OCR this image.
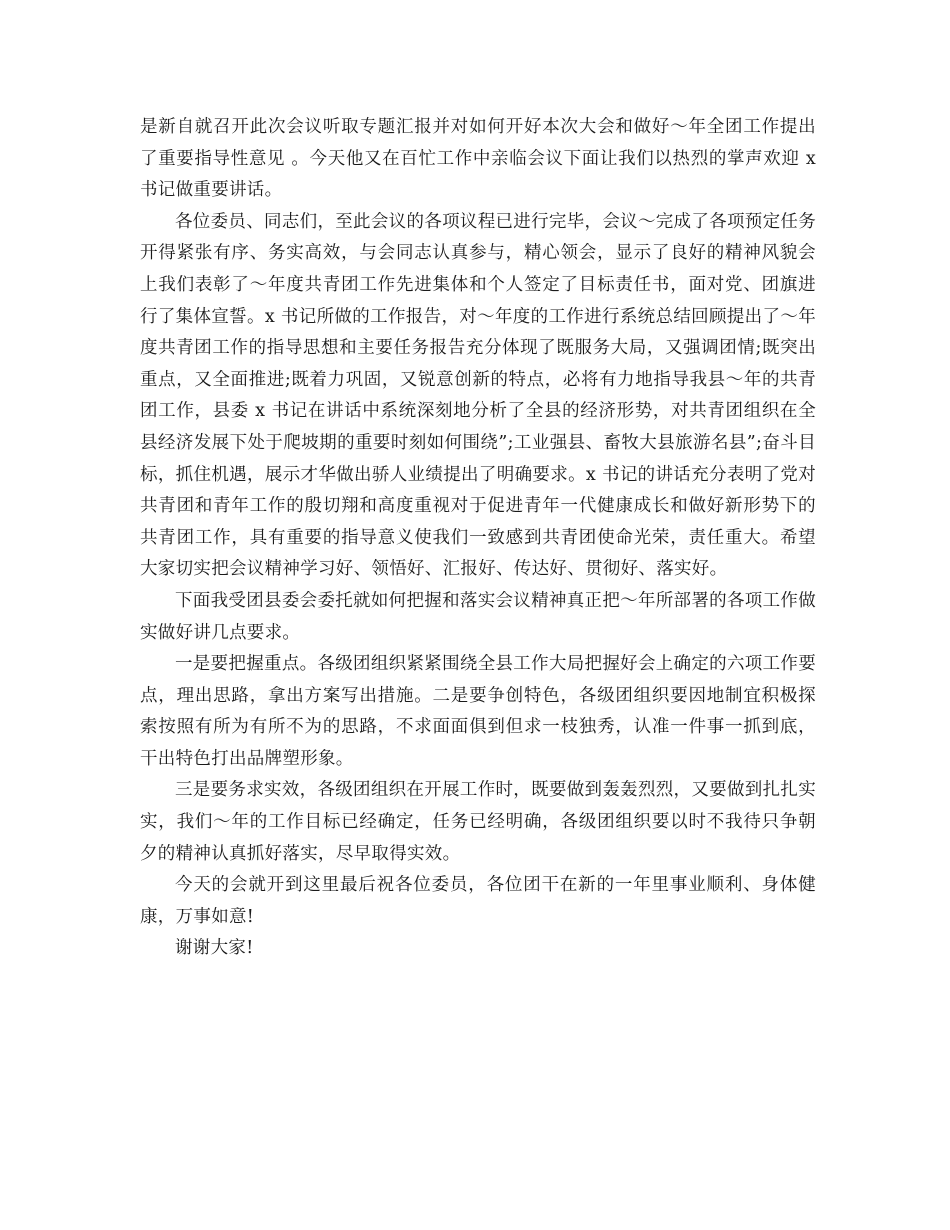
是新自就召开此次会议听取专题汇报并对如何开好本次大会和做好～年全团工作提出了重要指导性意见 。今天他又在百忙工作中亲临会议下面让我们以热烈的掌声欢迎 x 书记做重要讲话。

各位委员、同志们，至此会议的各项议程已进行完毕，会议～完成了各项预定任务开得紧张有序、务实高效，与会同志认真参与，精心领会，显示了良好的精神风貌会上我们表彰了～年度共青团工作先进集体和个人签定了目标责任书，面对党、团旗进行了集体宣誓。x 书记所做的工作报告，对～年度的工作进行系统总结回顾提出了～年度共青团工作的指导思想和主要任务报告充分体现了既服务大局，又强调团情;既突出重点，又全面推进;既着力巩固，又锐意创新的特点，必将有力地指导我县～年的共青团工作，县委 x 书记在讲话中系统深刻地分析了全县的经济形势，对共青团组织在全县经济发展下处于爬坡期的重要时刻如何围绕”;工业强县、畜牧大县旅游名县”;奋斗目标，抓住机遇，展示才华做出骄人业绩提出了明确要求。x 书记的讲话充分表明了党对共青团和青年工作的殷切翔和高度重视对于促进青年一代健康成长和做好新形势下的共青团工作，具有重要的指导意义使我们一致感到共青团使命光荣，责任重大。希望大家切实把会议精神学习好、领悟好、汇报好、传达好、贯彻好、落实好。

下面我受团县委会委托就如何把握和落实会议精神真正把～年所部署的各项工作做实做好讲几点要求。

一是要把握重点。各级团组织紧紧围绕全县工作大局把握好会上确定的六项工作要点，理出思路，拿出方案写出措施。二是要争创特色，各级团组织要因地制宜积极探索按照有所为有所不为的思路，不求面面俱到但求一枝独秀，认准一件事一抓到底，干出特色打出品牌塑形象。

三是要务求实效，各级团组织在开展工作时，既要做到轰轰烈烈，又要做到扎扎实实，我们～年的工作目标已经确定，任务已经明确，各级团组织要以时不我待只争朝夕的精神认真抓好落实，尽早取得实效。

今天的会就开到这里最后祝各位委员，各位团干在新的一年里事业顺利、身体健康，万事如意!

谢谢大家!
